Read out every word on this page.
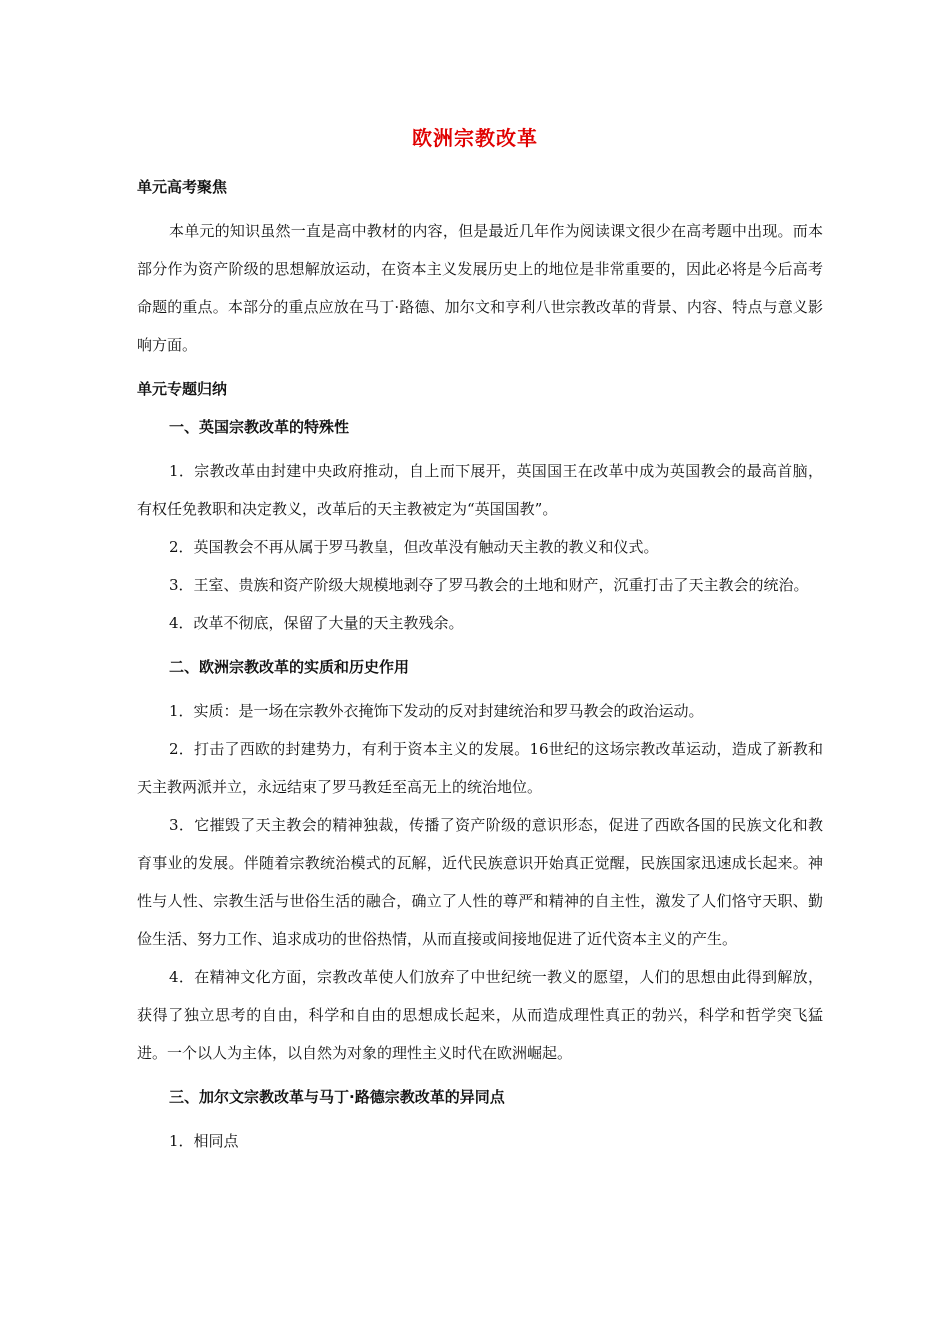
欧洲宗教改革

单元高考聚焦

本单元的知识虽然一直是高中教材的内容，但是最近几年作为阅读课文很少在高考题中出现。而本部分作为资产阶级的思想解放运动，在资本主义发展历史上的地位是非常重要的，因此必将是今后高考命题的重点。本部分的重点应放在马丁·路德、加尔文和亨利八世宗教改革的背景、内容、特点与意义影响方面。

单元专题归纳

一、英国宗教改革的特殊性

1．宗教改革由封建中央政府推动，自上而下展开，英国国王在改革中成为英国教会的最高首脑，有权任免教职和决定教义，改革后的天主教被定为“英国国教”。

2．英国教会不再从属于罗马教皇，但改革没有触动天主教的教义和仪式。

3．王室、贵族和资产阶级大规模地剥夺了罗马教会的土地和财产，沉重打击了天主教会的统治。

4．改革不彻底，保留了大量的天主教残余。

二、欧洲宗教改革的实质和历史作用

1．实质：是一场在宗教外衣掩饰下发动的反对封建统治和罗马教会的政治运动。

2．打击了西欧的封建势力，有利于资本主义的发展。16世纪的这场宗教改革运动，造成了新教和天主教两派并立，永远结束了罗马教廷至高无上的统治地位。

3．它摧毁了天主教会的精神独裁，传播了资产阶级的意识形态，促进了西欧各国的民族文化和教育事业的发展。伴随着宗教统治模式的瓦解，近代民族意识开始真正觉醒，民族国家迅速成长起来。神性与人性、宗教生活与世俗生活的融合，确立了人性的尊严和精神的自主性，激发了人们恪守天职、勤俭生活、努力工作、追求成功的世俗热情，从而直接或间接地促进了近代资本主义的产生。

4．在精神文化方面，宗教改革使人们放弃了中世纪统一教义的愿望，人们的思想由此得到解放，获得了独立思考的自由，科学和自由的思想成长起来，从而造成理性真正的勃兴，科学和哲学突飞猛进。一个以人为主体，以自然为对象的理性主义时代在欧洲崛起。

三、加尔文宗教改革与马丁·路德宗教改革的异同点

1．相同点
